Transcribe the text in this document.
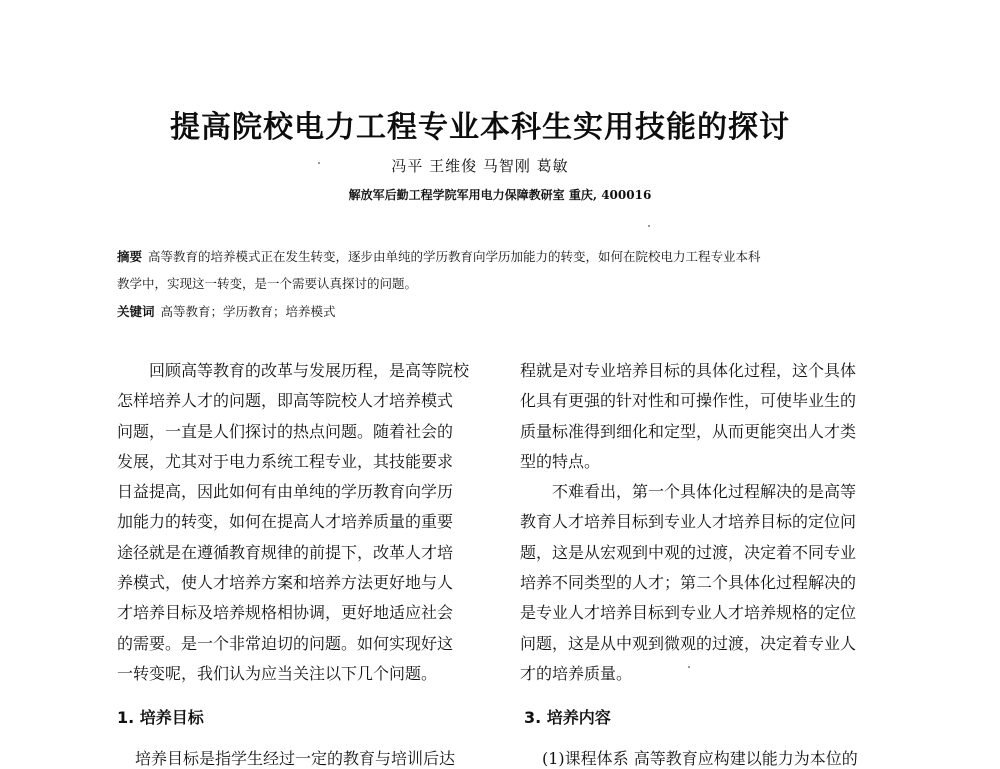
提高院校电力工程专业本科生实用技能的探讨
冯平 王维俊 马智刚 葛敏
解放军后勤工程学院军用电力保障教研室 重庆, 400016
摘要 高等教育的培养模式正在发生转变，逐步由单纯的学历教育向学历加能力的转变，如何在院校电力工程专业本科
教学中，实现这一转变，是一个需要认真探讨的问题。
关键词 高等教育；学历教育；培养模式
回顾高等教育的改革与发展历程，是高等院校
怎样培养人才的问题，即高等院校人才培养模式
问题，一直是人们探讨的热点问题。随着社会的
发展，尤其对于电力系统工程专业，其技能要求
日益提高，因此如何有由单纯的学历教育向学历
加能力的转变，如何在提高人才培养质量的重要
途径就是在遵循教育规律的前提下，改革人才培
养模式，使人才培养方案和培养方法更好地与人
才培养目标及培养规格相协调，更好地适应社会
的需要。是一个非常迫切的问题。如何实现好这
一转变呢，我们认为应当关注以下几个问题。
程就是对专业培养目标的具体化过程，这个具体
化具有更强的针对性和可操作性，可使毕业生的
质量标准得到细化和定型，从而更能突出人才类
型的特点。
不难看出，第一个具体化过程解决的是高等
教育人才培养目标到专业人才培养目标的定位问
题，这是从宏观到中观的过渡，决定着不同专业
培养不同类型的人才；第二个具体化过程解决的
是专业人才培养目标到专业人才培养规格的定位
问题，这是从中观到微观的过渡，决定着专业人
才的培养质量。
1. 培养目标	3. 培养内容
培养目标是指学生经过一定的教育与培训后达	(1)课程体系 高等教育应构建以能力为本位的
